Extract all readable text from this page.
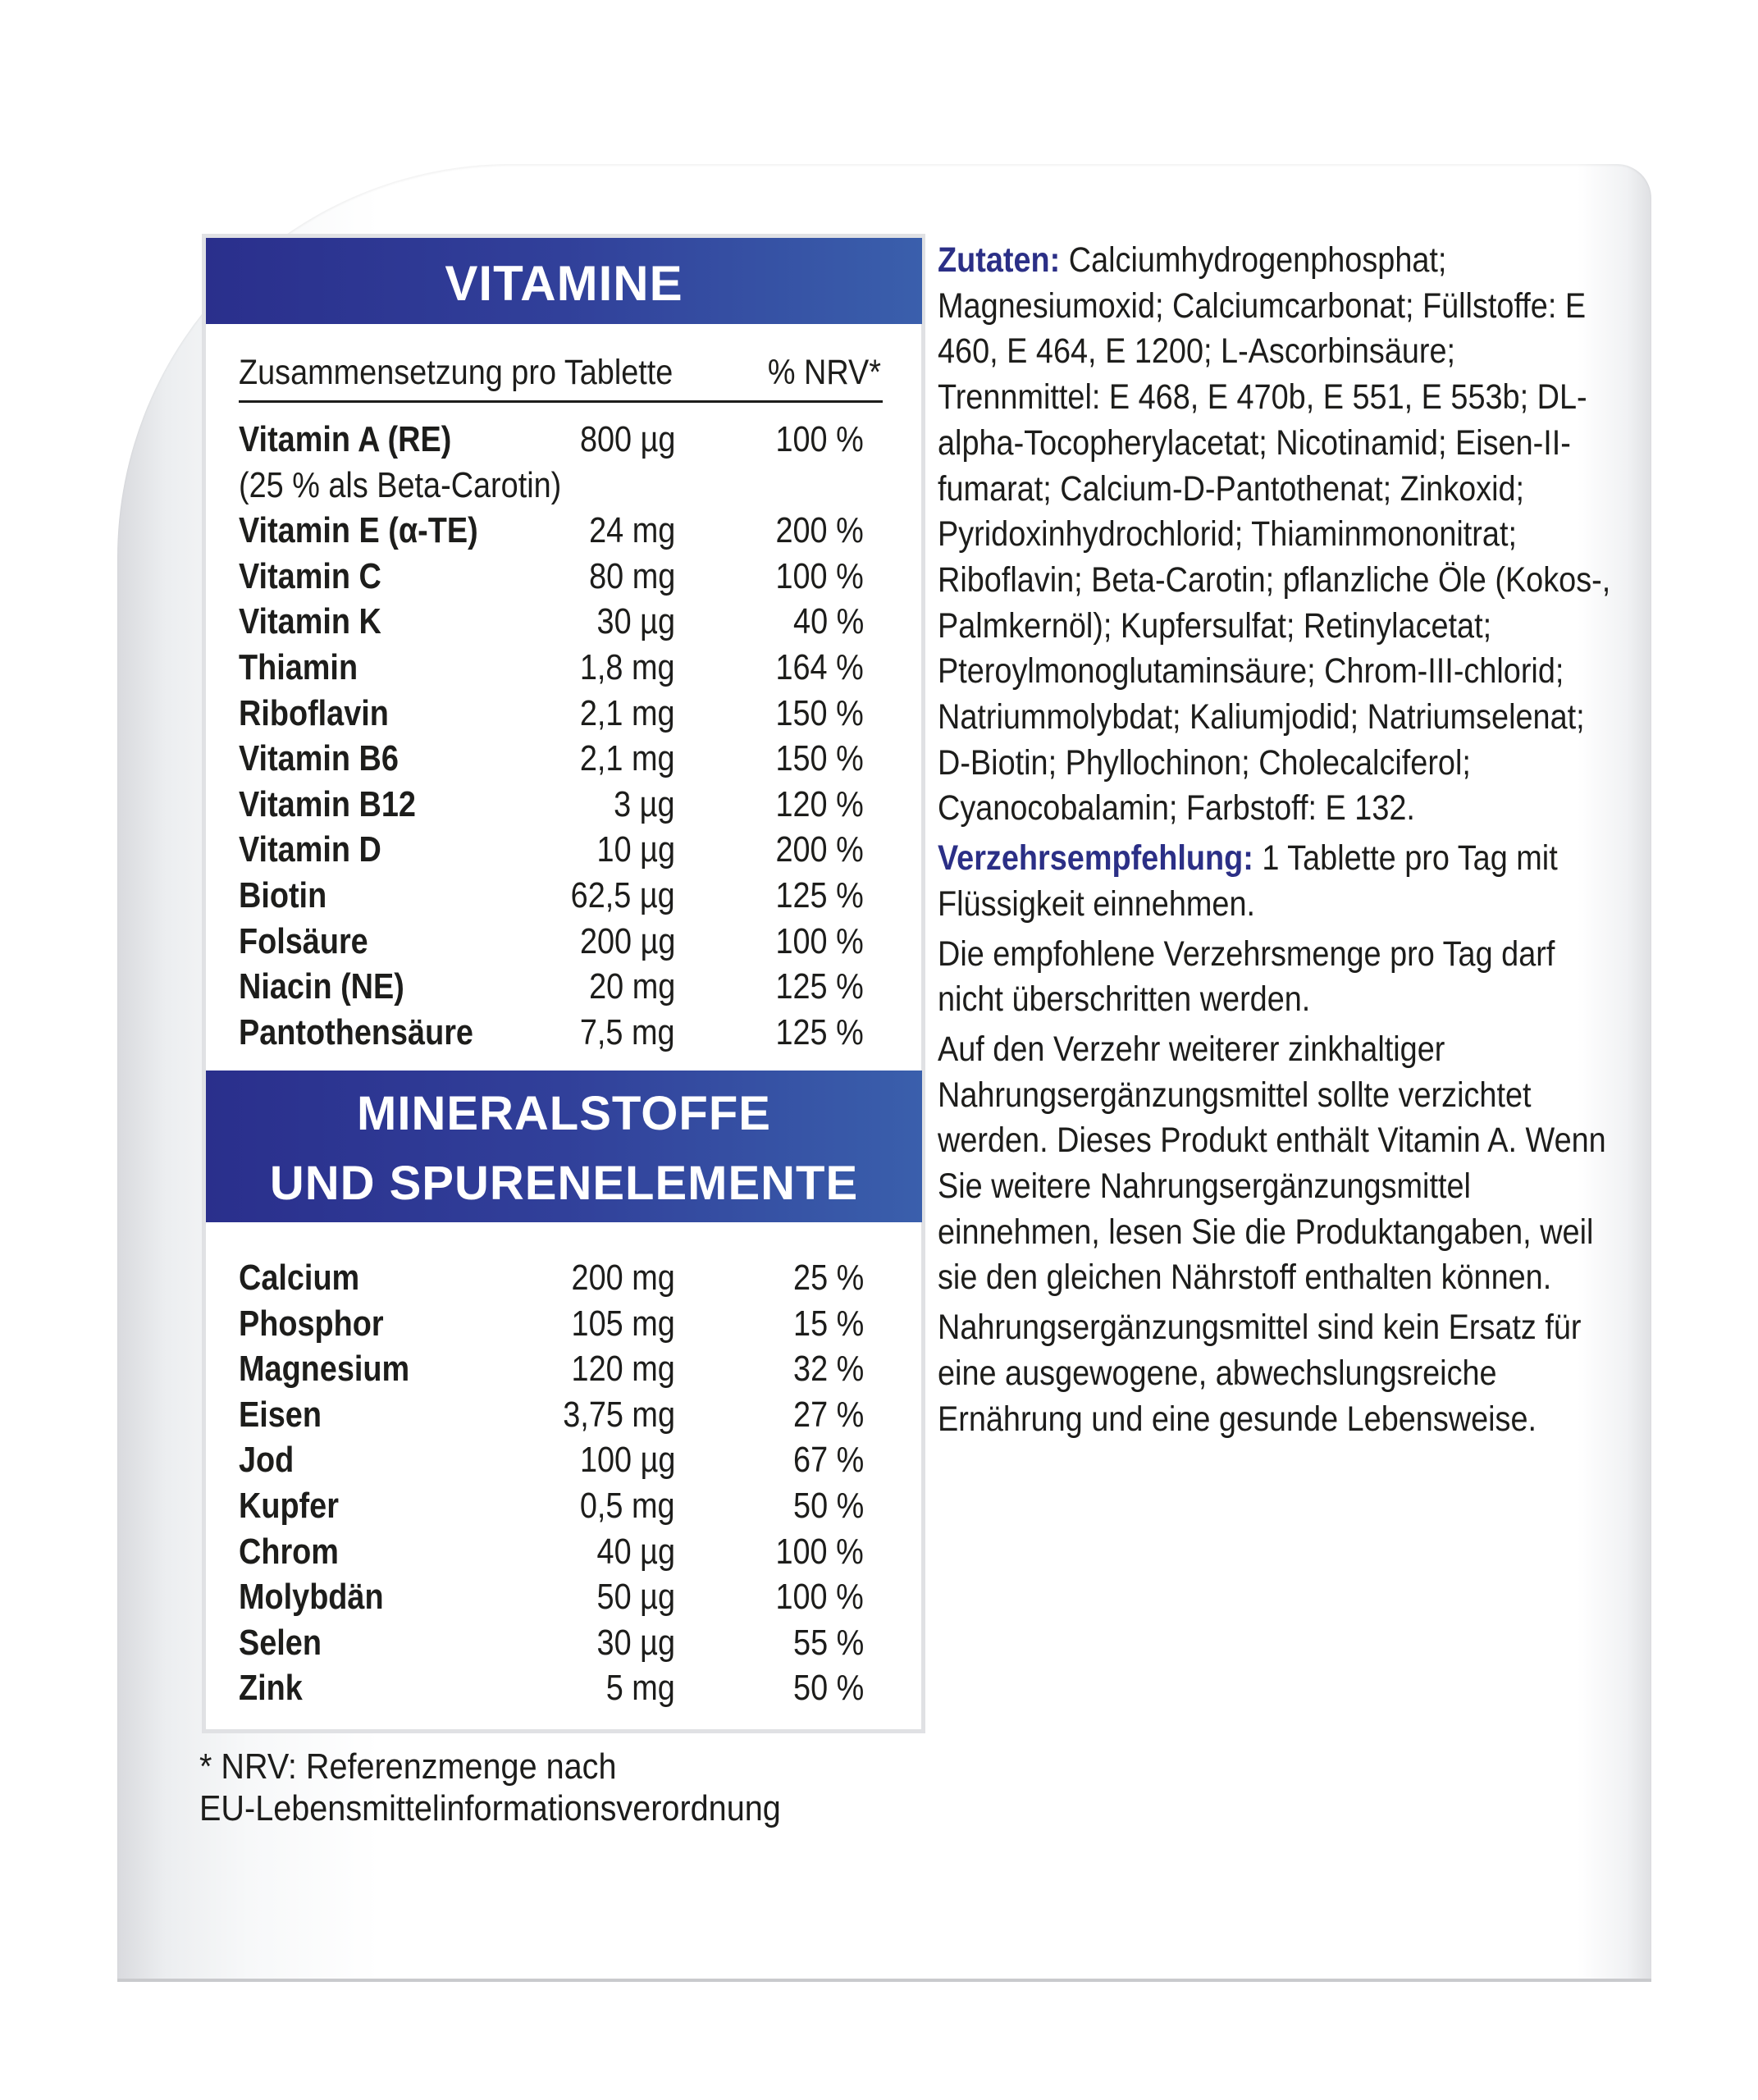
VITAMINE
Zusammensetzung pro Tablette	% NRV*
Vitamin A (RE)	800 µg	100 %
(25 % als Beta-Carotin)
Vitamin E (α-TE)	24 mg	200 %
Vitamin C	80 mg	100 %
Vitamin K	30 µg	40 %
Thiamin	1,8 mg	164 %
Riboflavin	2,1 mg	150 %
Vitamin B6	2,1 mg	150 %
Vitamin B12	3 µg	120 %
Vitamin D	10 µg	200 %
Biotin	62,5 µg	125 %
Folsäure	200 µg	100 %
Niacin (NE)	20 mg	125 %
Pantothensäure	7,5 mg	125 %
MINERALSTOFFE
UND SPURENELEMENTE
Calcium	200 mg	25 %
Phosphor	105 mg	15 %
Magnesium	120 mg	32 %
Eisen	3,75 mg	27 %
Jod	100 µg	67 %
Kupfer	0,5 mg	50 %
Chrom	40 µg	100 %
Molybdän	50 µg	100 %
Selen	30 µg	55 %
Zink	5 mg	50 %

Zutaten: Calciumhydrogenphosphat; Magnesiumoxid; Calciumcarbonat; Füllstoffe: E 460, E 464, E 1200; L-Ascorbinsäure; Trennmittel: E 468, E 470b, E 551, E 553b; DL-alpha-Tocopherylacetat; Nicotinamid; Eisen-II-fumarat; Calcium-D-Pantothenat; Zinkoxid; Pyridoxinhydrochlorid; Thiaminmononitrat; Riboflavin; Beta-Carotin; pflanzliche Öle (Kokos-, Palmkernöl); Kupfersulfat; Retinylacetat; Pteroylmonoglutaminsäure; Chrom-III-chlorid; Natriummolybdat; Kaliumjodid; Natriumselenat; D-Biotin; Phyllochinon; Cholecalciferol; Cyanocobalamin; Farbstoff: E 132.

Verzehrsempfehlung: 1 Tablette pro Tag mit Flüssigkeit einnehmen.

Die empfohlene Verzehrsmenge pro Tag darf nicht überschritten werden.

Auf den Verzehr weiterer zinkhaltiger Nahrungsergänzungsmittel sollte verzichtet werden. Dieses Produkt enthält Vitamin A. Wenn Sie weitere Nahrungsergänzungsmittel einnehmen, lesen Sie die Produktangaben, weil sie den gleichen Nährstoff enthalten können.

Nahrungsergänzungsmittel sind kein Ersatz für eine ausgewogene, abwechslungsreiche Ernährung und eine gesunde Lebensweise.

* NRV: Referenzmenge nach
EU-Lebensmittelinformationsverordnung
